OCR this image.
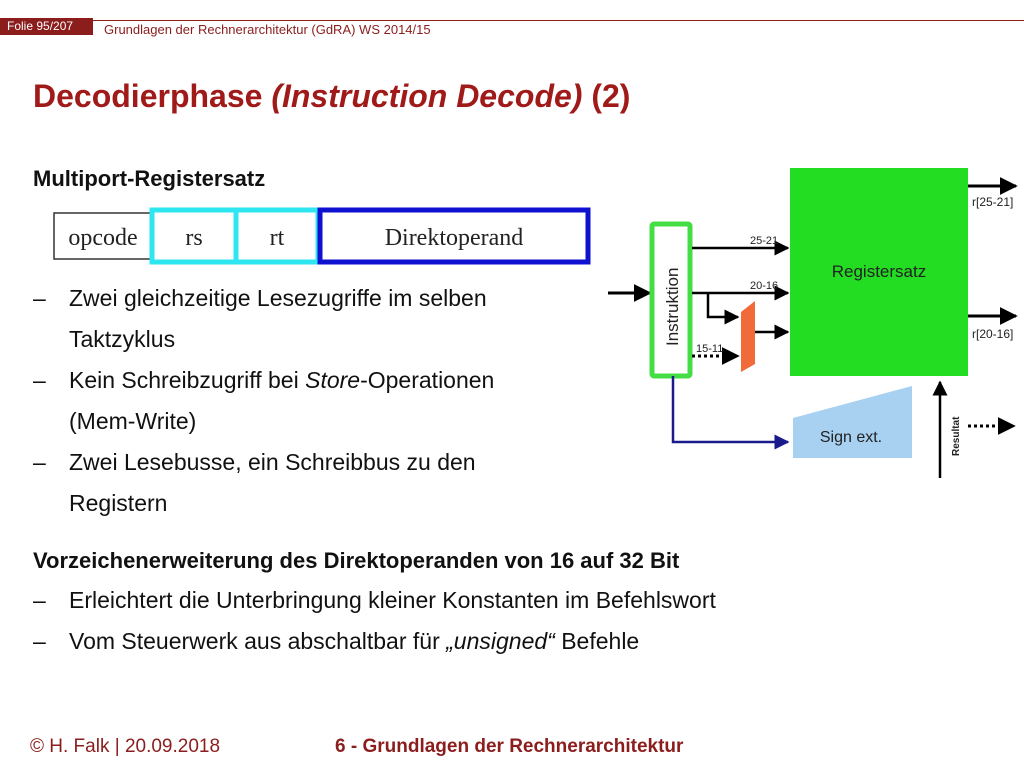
Folie 95/207	Grundlagen der Rechnerarchitektur (GdRA) WS 2014/15
Decodierphase (Instruction Decode) (2)
Multiport-Registersatz
opcode rs	rt	Direktoperand
– Zwei gleichzeitige Lesezugriffe im selben
Taktzyklus
– Kein Schreibzugriff bei Store-Operationen
(Mem-Write)
– Zwei Lesebusse, ein Schreibbus zu den
Registern
Instruktion	Registersatz
25-21
20-16
15-11
r[25-21]
r[20-16]
Sign ext.	Resultat
Vorzeichenerweiterung des Direktoperanden von 16 auf 32 Bit
– Erleichtert die Unterbringung kleiner Konstanten im Befehlswort
– Vom Steuerwerk aus abschaltbar für „unsigned“ Befehle
© H. Falk | 20.09.2018	6 - Grundlagen der Rechnerarchitektur
